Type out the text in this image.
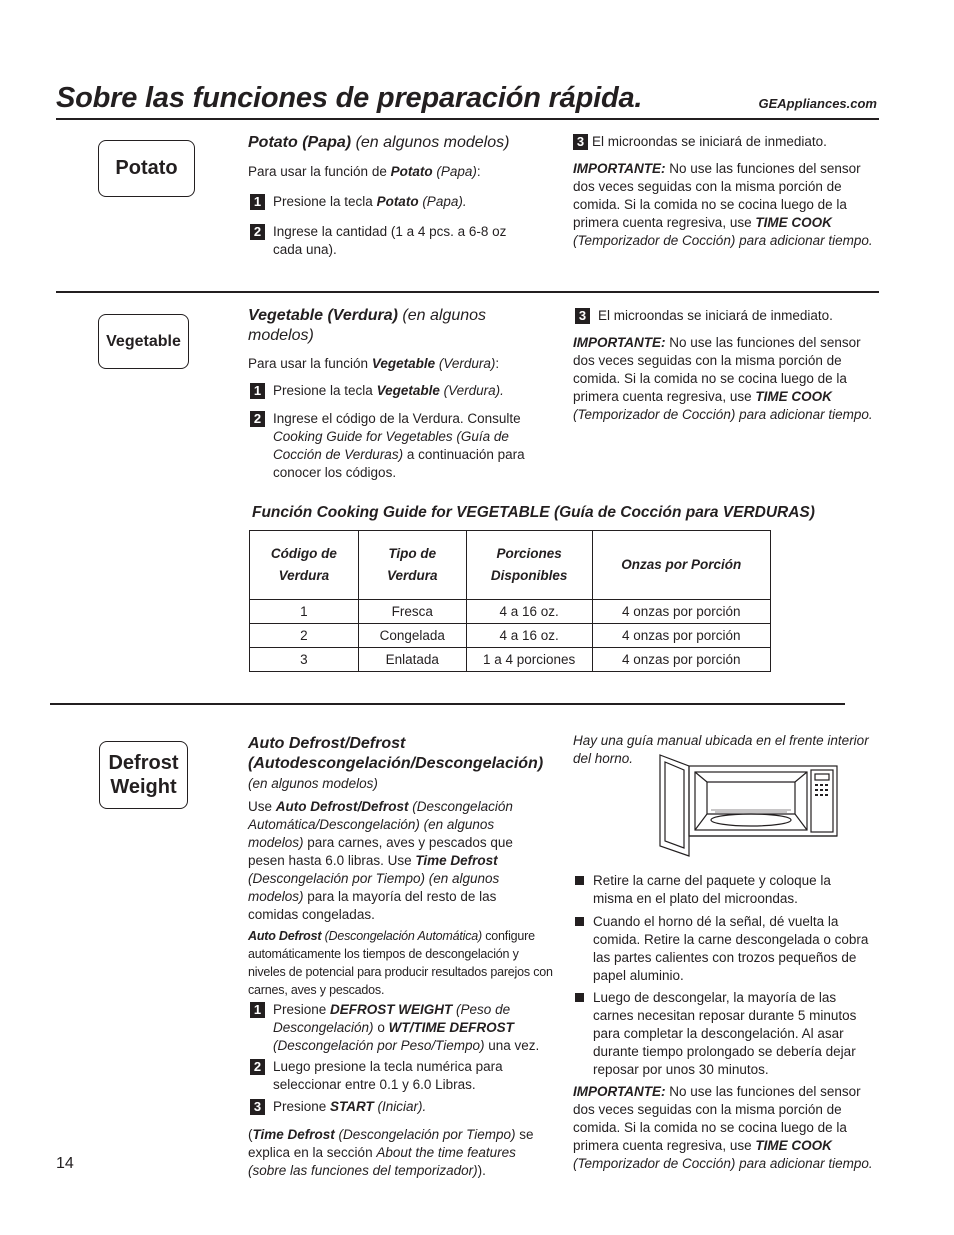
Sobre las funciones de preparación rápida.	GEAppliances.com
Potato
Potato (Papa) (en algunos modelos)
Para usar la función de Potato (Papa):
1 Presione la tecla Potato (Papa).
2 Ingrese la cantidad (1 a 4 pcs. a 6-8 oz cada una).
3 El microondas se iniciará de inmediato.
IMPORTANTE: No use las funciones del sensor dos veces seguidas con la misma porción de comida. Si la comida no se cocina luego de la primera cuenta regresiva, use TIME COOK (Temporizador de Cocción) para adicionar tiempo.
Vegetable
Vegetable (Verdura) (en algunos modelos)
Para usar la función Vegetable (Verdura):
1 Presione la tecla Vegetable (Verdura).
2 Ingrese el código de la Verdura. Consulte Cooking Guide for Vegetables (Guía de Cocción de Verduras) a continuación para conocer los códigos.
3 El microondas se iniciará de inmediato.
IMPORTANTE: No use las funciones del sensor dos veces seguidas con la misma porción de comida. Si la comida no se cocina luego de la primera cuenta regresiva, use TIME COOK (Temporizador de Cocción) para adicionar tiempo.
Función Cooking Guide for VEGETABLE (Guía de Cocción para VERDURAS)
Código de Verdura	Tipo de Verdura	Porciones Disponibles	Onzas por Porción
1	Fresca	4 a 16 oz.	4 onzas por porción
2	Congelada	4 a 16 oz.	4 onzas por porción
3	Enlatada	1 a 4 porciones	4 onzas por porción
Defrost
Weight
Auto Defrost/Defrost
(Autodescongelación/Descongelación)
(en algunos modelos)
Use Auto Defrost/Defrost (Descongelación Automática/Descongelación) (en algunos modelos) para carnes, aves y pescados que pesen hasta 6.0 libras. Use Time Defrost (Descongelación por Tiempo) (en algunos modelos) para la mayoría del resto de las comidas congeladas.
Auto Defrost (Descongelación Automática) configure automáticamente los tiempos de descongelación y niveles de potencial para producir resultados parejos con carnes, aves y pescados.
1 Presione DEFROST WEIGHT (Peso de Descongelación) o WT/TIME DEFROST (Descongelación por Peso/Tiempo) una vez.
2 Luego presione la tecla numérica para seleccionar entre 0.1 y 6.0 Libras.
3 Presione START (Iniciar).
(Time Defrost (Descongelación por Tiempo) se explica en la sección About the time features (sobre las funciones del temporizador)).
Hay una guía manual ubicada en el frente interior del horno.
Retire la carne del paquete y coloque la misma en el plato del microondas.
Cuando el horno dé la señal, dé vuelta la comida. Retire la carne descongelada o cobra las partes calientes con trozos pequeños de papel aluminio.
Luego de descongelar, la mayoría de las carnes necesitan reposar durante 5 minutos para completar la descongelación. Al asar durante tiempo prolongado se debería dejar reposar por unos 30 minutos.
IMPORTANTE: No use las funciones del sensor dos veces seguidas con la misma porción de comida. Si la comida no se cocina luego de la primera cuenta regresiva, use TIME COOK (Temporizador de Cocción) para adicionar tiempo.
14
